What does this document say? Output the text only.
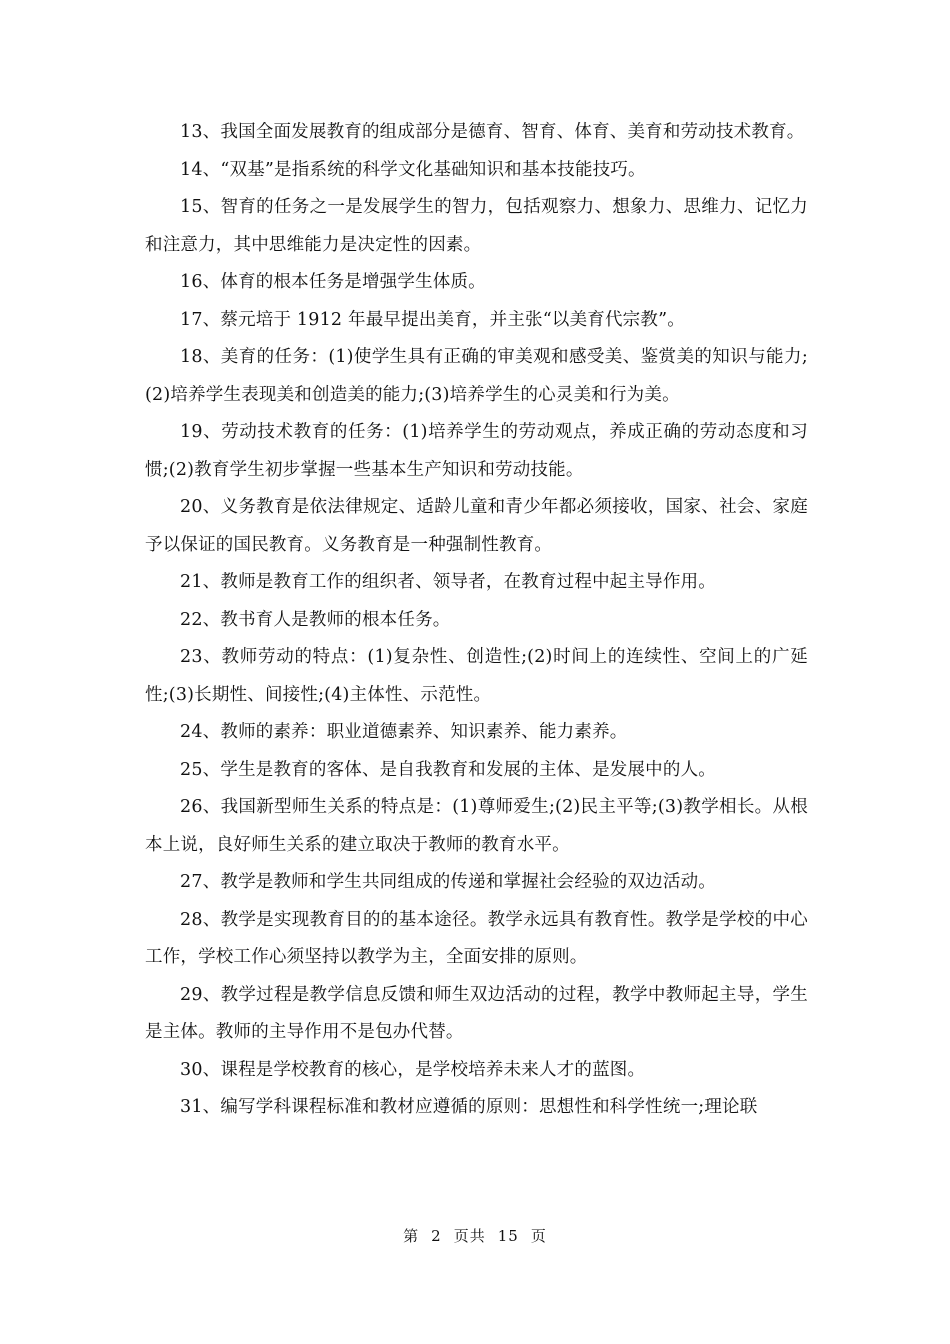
13、我国全面发展教育的组成部分是德育、智育、体育、美育和劳动技术教育。

14、“双基”是指系统的科学文化基础知识和基本技能技巧。

15、智育的任务之一是发展学生的智力，包括观察力、想象力、思维力、记忆力和注意力，其中思维能力是决定性的因素。

16、体育的根本任务是增强学生体质。

17、蔡元培于 1912 年最早提出美育，并主张“以美育代宗教”。

18、美育的任务：(1)使学生具有正确的审美观和感受美、鉴赏美的知识与能力;(2)培养学生表现美和创造美的能力;(3)培养学生的心灵美和行为美。

19、劳动技术教育的任务：(1)培养学生的劳动观点，养成正确的劳动态度和习惯;(2)教育学生初步掌握一些基本生产知识和劳动技能。

20、义务教育是依法律规定、适龄儿童和青少年都必须接收，国家、社会、家庭予以保证的国民教育。义务教育是一种强制性教育。

21、教师是教育工作的组织者、领导者，在教育过程中起主导作用。

22、教书育人是教师的根本任务。

23、教师劳动的特点：(1)复杂性、创造性;(2)时间上的连续性、空间上的广延性;(3)长期性、间接性;(4)主体性、示范性。

24、教师的素养：职业道德素养、知识素养、能力素养。

25、学生是教育的客体、是自我教育和发展的主体、是发展中的人。

26、我国新型师生关系的特点是：(1)尊师爱生;(2)民主平等;(3)教学相长。从根本上说，良好师生关系的建立取决于教师的教育水平。

27、教学是教师和学生共同组成的传递和掌握社会经验的双边活动。

28、教学是实现教育目的的基本途径。教学永远具有教育性。教学是学校的中心工作，学校工作心须坚持以教学为主，全面安排的原则。

29、教学过程是教学信息反馈和师生双边活动的过程，教学中教师起主导，学生是主体。教师的主导作用不是包办代替。

30、课程是学校教育的核心，是学校培养未来人才的蓝图。

31、编写学科课程标准和教材应遵循的原则：思想性和科学性统一;理论联

第 2 页共 15 页
